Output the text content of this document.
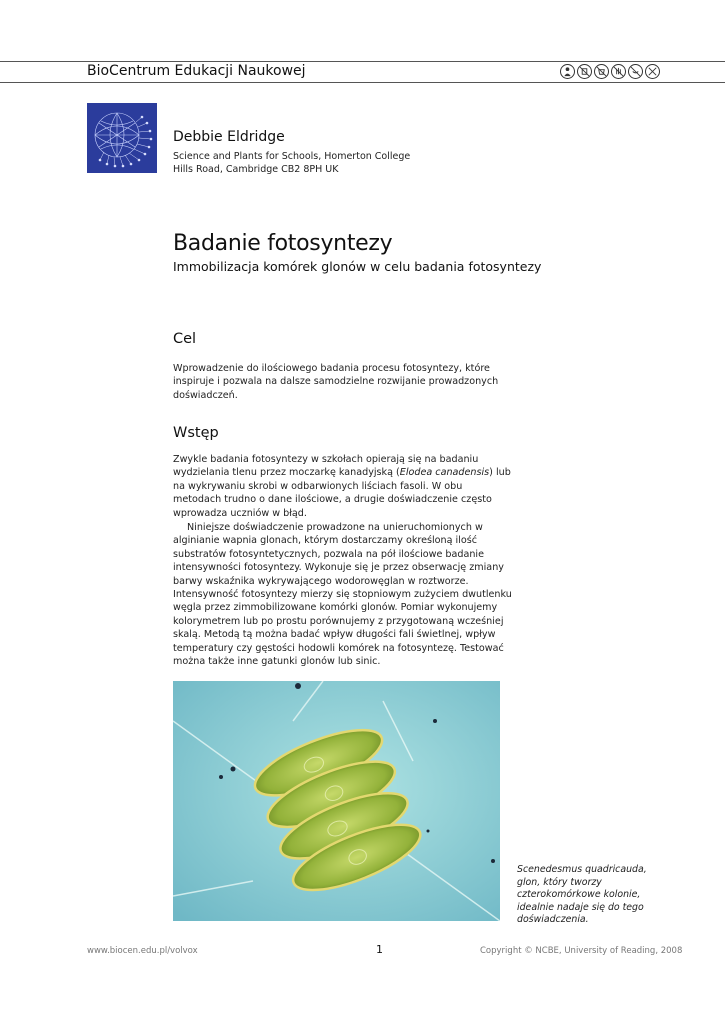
BioCentrum Edukacji Naukowej
Debbie Eldridge
Science and Plants for Schools, Homerton College
Hills Road, Cambridge CB2 8PH UK
Badanie fotosyntezy
Immobilizacja komórek glonów w celu badania fotosyntezy
Cel
Wprowadzenie do ilościowego badania procesu fotosyntezy, które inspiruje i pozwala na dalsze samodzielne rozwijanie prowadzonych doświadczeń.
Wstęp
Zwykle badania fotosyntezy w szkołach opierają się na badaniu wydzielania tlenu przez moczarkę kanadyjską (Elodea canadensis) lub na wykrywaniu skrobi w odbarwionych liściach fasoli. W obu metodach trudno o dane ilościowe, a drugie doświadczenie często wprowadza uczniów w błąd.
Niniejsze doświadczenie prowadzone na unieruchomionych w alginianie wapnia glonach, którym dostarczamy określoną ilość substratów fotosyntetycznych, pozwala na pół ilościowe badanie intensywności fotosyntezy. Wykonuje się je przez obserwację zmiany barwy wskaźnika wykrywającego wodorowęglan w roztworze. Intensywność fotosyntezy mierzy się stopniowym zużyciem dwutlenku węgla przez zimmobilizowane komórki glonów. Pomiar wykonujemy kolorymetrem lub po prostu porównujemy z przygotowaną wcześniej skalą. Metodą tą można badać wpływ długości fali świetlnej, wpływ temperatury czy gęstości hodowli komórek na fotosyntezę. Testować można także inne gatunki glonów lub sinic.
Scenedesmus quadricauda, glon, który tworzy czterokomórkowe kolonie, idealnie nadaje się do tego doświadczenia.
www.biocen.edu.pl/volvox	1	Copyright © NCBE, University of Reading, 2008
